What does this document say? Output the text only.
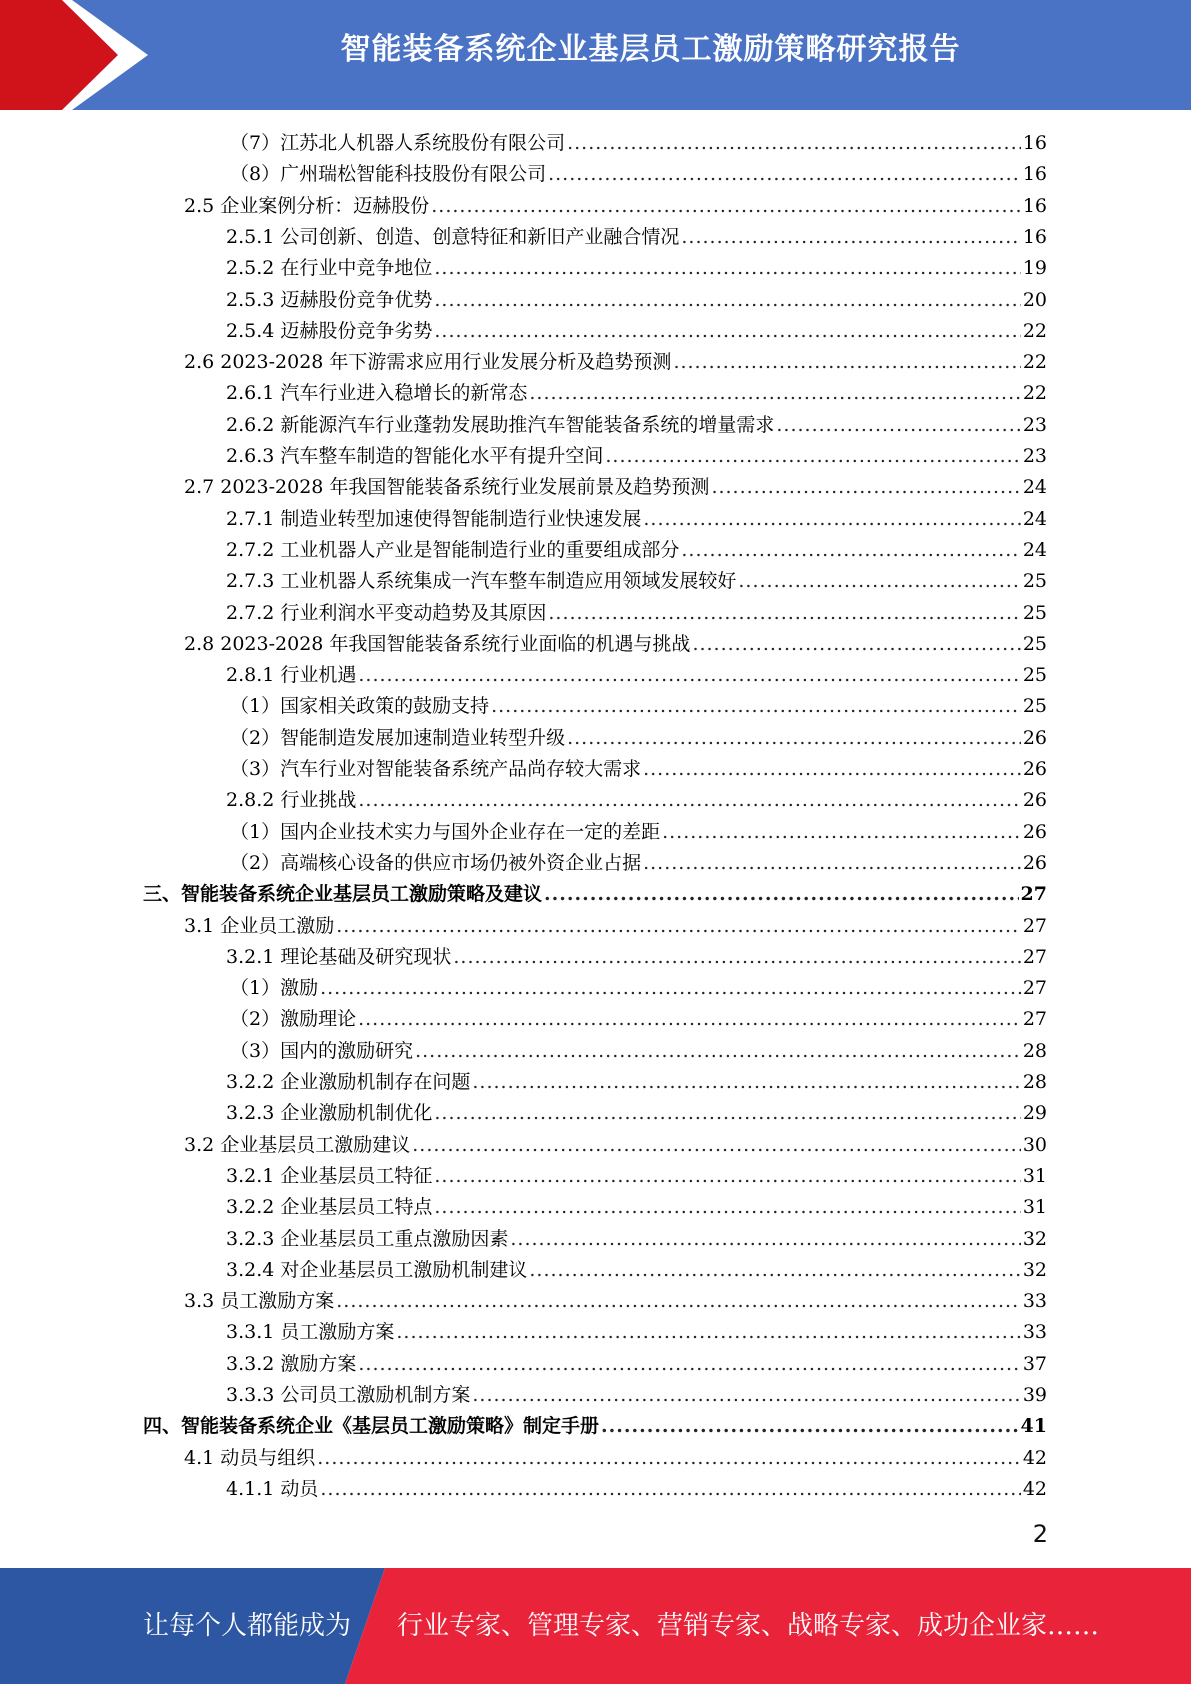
智能装备系统企业基层员工激励策略研究报告
（7）江苏北人机器人系统股份有限公司 .....	16
（8）广州瑞松智能科技股份有限公司 .....	16
2.5 企业案例分析：迈赫股份 .....	16
2.5.1 公司创新、创造、创意特征和新旧产业融合情况 .....	16
2.5.2 在行业中竞争地位 .....	19
2.5.3 迈赫股份竞争优势 .....	20
2.5.4 迈赫股份竞争劣势 .....	22
2.6 2023-2028 年下游需求应用行业发展分析及趋势预测 .....	22
2.6.1 汽车行业进入稳增长的新常态 .....	22
2.6.2 新能源汽车行业蓬勃发展助推汽车智能装备系统的增量需求 .....	23
2.6.3 汽车整车制造的智能化水平有提升空间 .....	23
2.7 2023-2028 年我国智能装备系统行业发展前景及趋势预测 .....	24
2.7.1 制造业转型加速使得智能制造行业快速发展 .....	24
2.7.2 工业机器人产业是智能制造行业的重要组成部分 .....	24
2.7.3 工业机器人系统集成一汽车整车制造应用领域发展较好 .....	25
2.7.2 行业利润水平变动趋势及其原因 .....	25
2.8 2023-2028 年我国智能装备系统行业面临的机遇与挑战 .....	25
2.8.1 行业机遇 .....	25
（1）国家相关政策的鼓励支持 .....	25
（2）智能制造发展加速制造业转型升级 .....	26
（3）汽车行业对智能装备系统产品尚存较大需求 .....	26
2.8.2 行业挑战 .....	26
（1）国内企业技术实力与国外企业存在一定的差距 .....	26
（2）高端核心设备的供应市场仍被外资企业占据 .....	26
三、智能装备系统企业基层员工激励策略及建议 .....	27
3.1 企业员工激励 .....	27
3.2.1 理论基础及研究现状 .....	27
（1）激励 .....	27
（2）激励理论 .....	27
（3）国内的激励研究 .....	28
3.2.2 企业激励机制存在问题 .....	28
3.2.3 企业激励机制优化 .....	29
3.2 企业基层员工激励建议 .....	30
3.2.1 企业基层员工特征 .....	31
3.2.2 企业基层员工特点 .....	31
3.2.3 企业基层员工重点激励因素 .....	32
3.2.4 对企业基层员工激励机制建议 .....	32
3.3 员工激励方案 .....	33
3.3.1 员工激励方案 .....	33
3.3.2 激励方案 .....	37
3.3.3 公司员工激励机制方案 .....	39
四、智能装备系统企业《基层员工激励策略》制定手册 .....	41
4.1 动员与组织 .....	42
4.1.1 动员 .....	42
2
让每个人都能成为 行业专家、管理专家、营销专家、战略专家、成功企业家……
